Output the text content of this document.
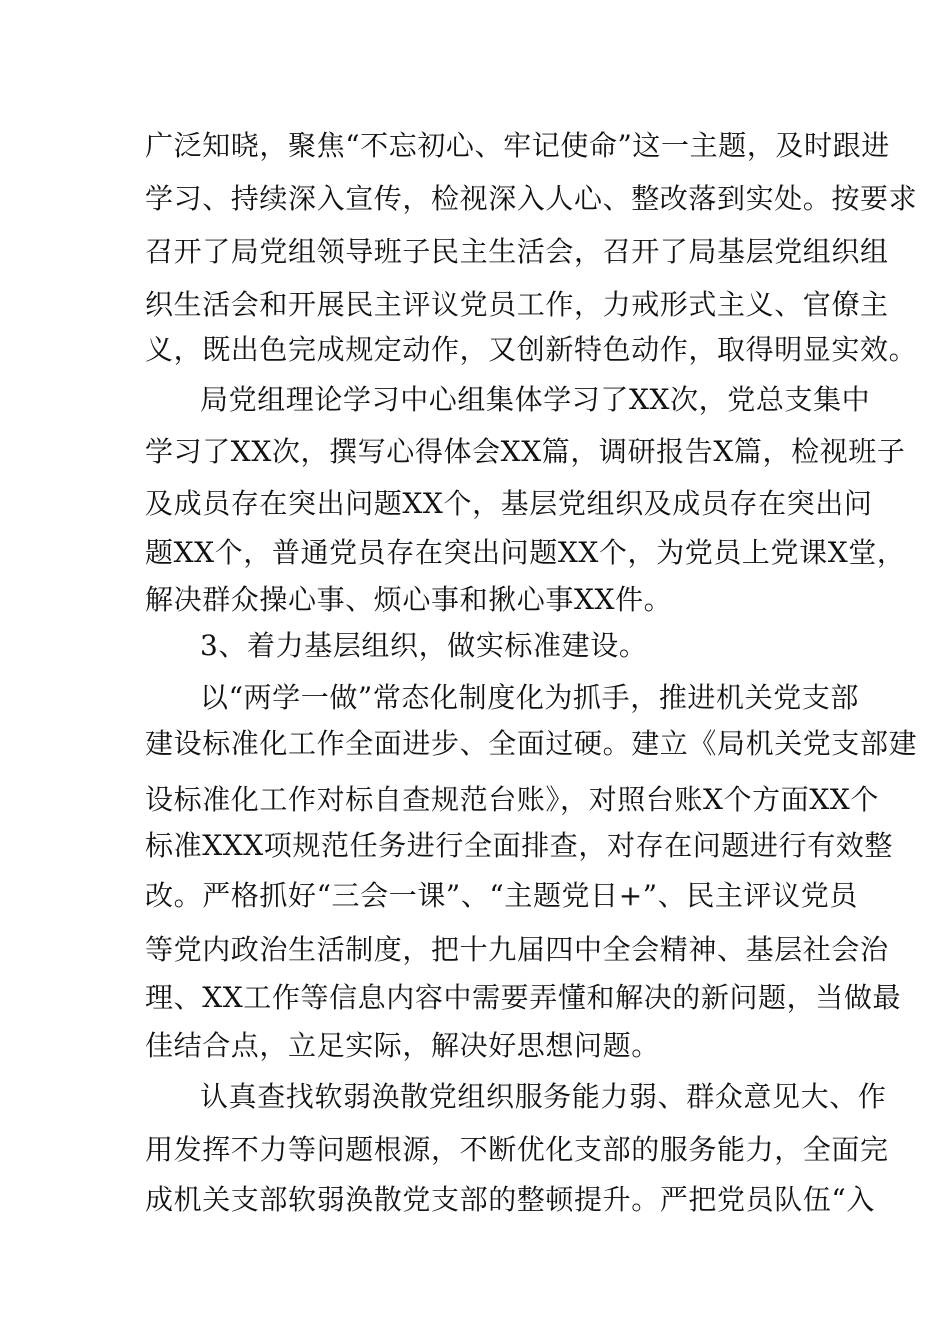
广泛知晓，聚焦“不忘初心、牢记使命”这一主题，及时跟进
学习、持续深入宣传，检视深入人心、整改落到实处。按要求
召开了局党组领导班子民主生活会，召开了局基层党组织组
织生活会和开展民主评议党员工作，力戒形式主义、官僚主
义，既出色完成规定动作，又创新特色动作，取得明显实效。
局党组理论学习中心组集体学习了XX次，党总支集中
学习了XX次，撰写心得体会XX篇，调研报告X篇，检视班子
及成员存在突出问题XX个，基层党组织及成员存在突出问
题XX个，普通党员存在突出问题XX个，为党员上党课X堂，
解决群众操心事、烦心事和揪心事XX件。
3、着力基层组织，做实标准建设。
以“两学一做”常态化制度化为抓手，推进机关党支部
建设标准化工作全面进步、全面过硬。建立《局机关党支部建
设标准化工作对标自查规范台账》，对照台账X个方面XX个
标准XXX项规范任务进行全面排查，对存在问题进行有效整
改。严格抓好“三会一课”、“主题党日+”、民主评议党员
等党内政治生活制度，把十九届四中全会精神、基层社会治
理、XX工作等信息内容中需要弄懂和解决的新问题，当做最
佳结合点，立足实际，解决好思想问题。
认真查找软弱涣散党组织服务能力弱、群众意见大、作
用发挥不力等问题根源，不断优化支部的服务能力，全面完
成机关支部软弱涣散党支部的整顿提升。严把党员队伍“入
